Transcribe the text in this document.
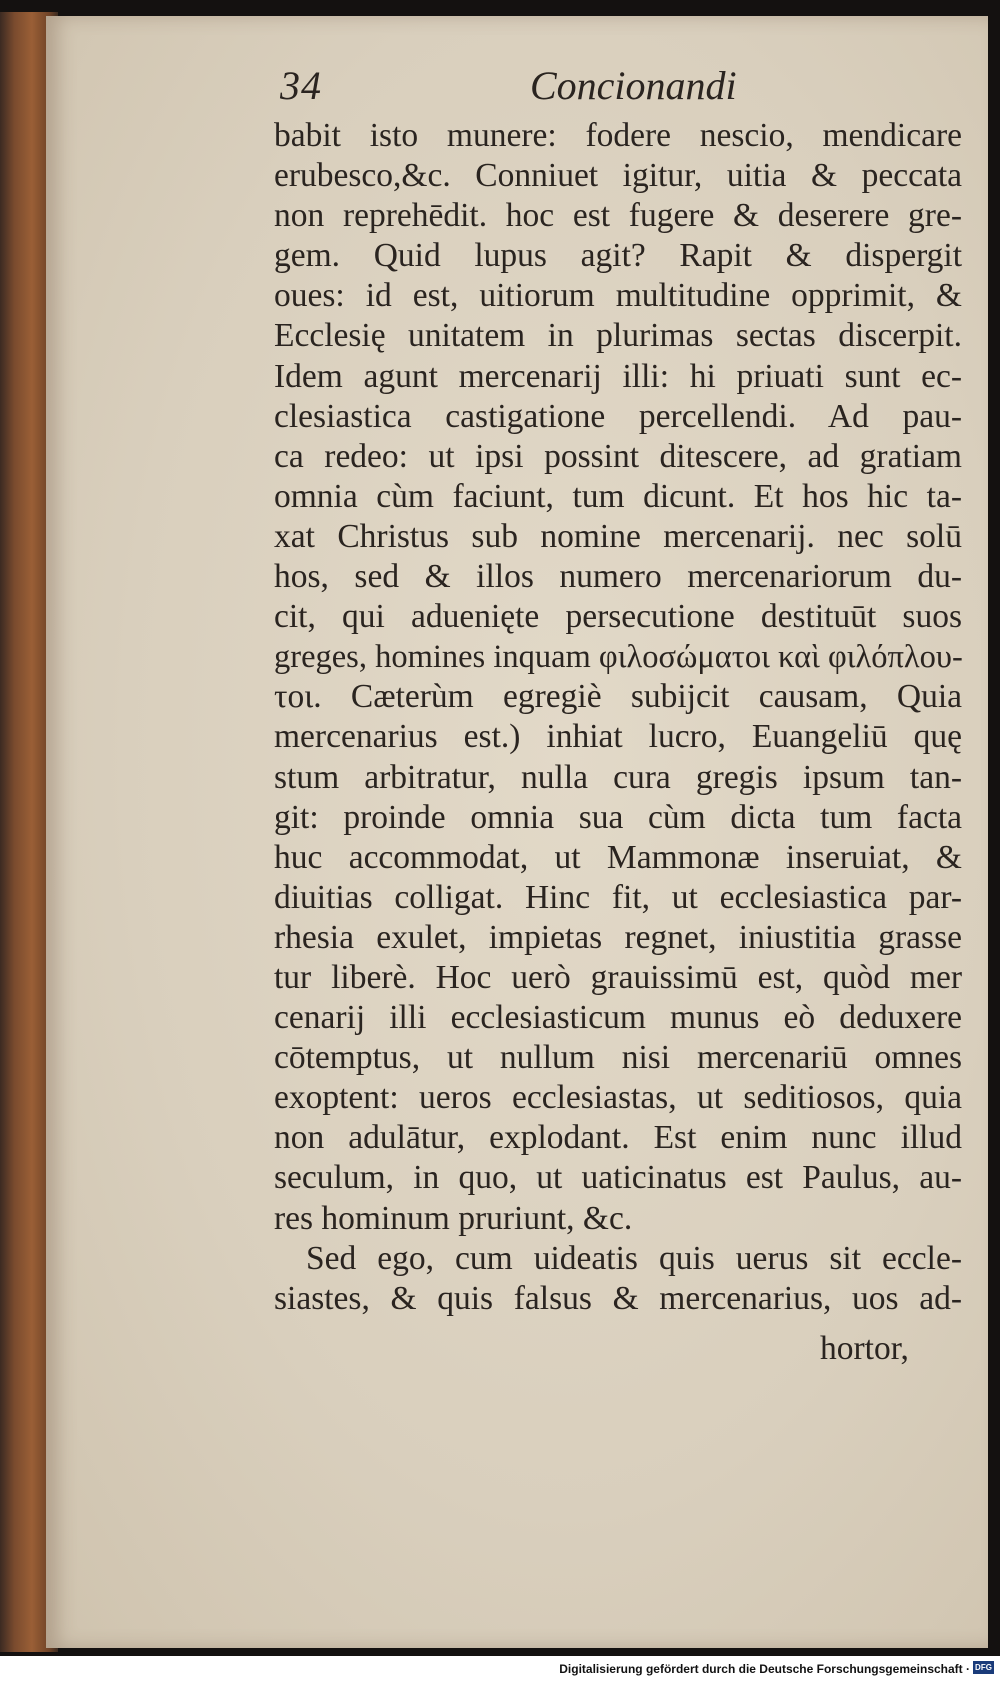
34	Concionandi
babit isto munere: fodere nescio, mendicare
erubesco,&c. Conniuet igitur, uitia & peccata
non reprehēdit. hoc est fugere & deserere gre-
gem. Quid lupus agit? Rapit & dispergit
oues: id est, uitiorum multitudine opprimit, &
Ecclesię unitatem in plurimas sectas discerpit.
Idem agunt mercenarij illi: hi priuati sunt ec-
clesiastica castigatione percellendi. Ad pau-
ca redeo: ut ipsi possint ditescere, ad gratiam
omnia cùm faciunt, tum dicunt. Et hos hic ta-
xat Christus sub nomine mercenarij. nec solū
hos, sed & illos numero mercenariorum du-
cit, qui aduenięte persecutione destituūt suos
greges, homines inquam φιλοσώματοι καὶ φιλόπλου-
τοι. Cæterùm egregiè subijcit causam, Quia
mercenarius est.) inhiat lucro, Euangeliū quę
stum arbitratur, nulla cura gregis ipsum tan-
git: proinde omnia sua cùm dicta tum facta
huc accommodat, ut Mammonæ inseruiat, &
diuitias colligat. Hinc fit, ut ecclesiastica par-
rhesia exulet, impietas regnet, iniustitia grasse
tur liberè. Hoc uerò grauissimū est, quòd mer
cenarij illi ecclesiasticum munus eò deduxere
cōtemptus, ut nullum nisi mercenariū omnes
exoptent: ueros ecclesiastas, ut seditiosos, quia
non adulātur, explodant. Est enim nunc illud
seculum, in quo, ut uaticinatus est Paulus, au-
res hominum pruriunt, &c.
Sed ego, cum uideatis quis uerus sit eccle-
siastes, & quis falsus & mercenarius, uos ad-
hortor,
Digitalisierung gefördert durch die Deutsche Forschungsgemeinschaft · DFG
